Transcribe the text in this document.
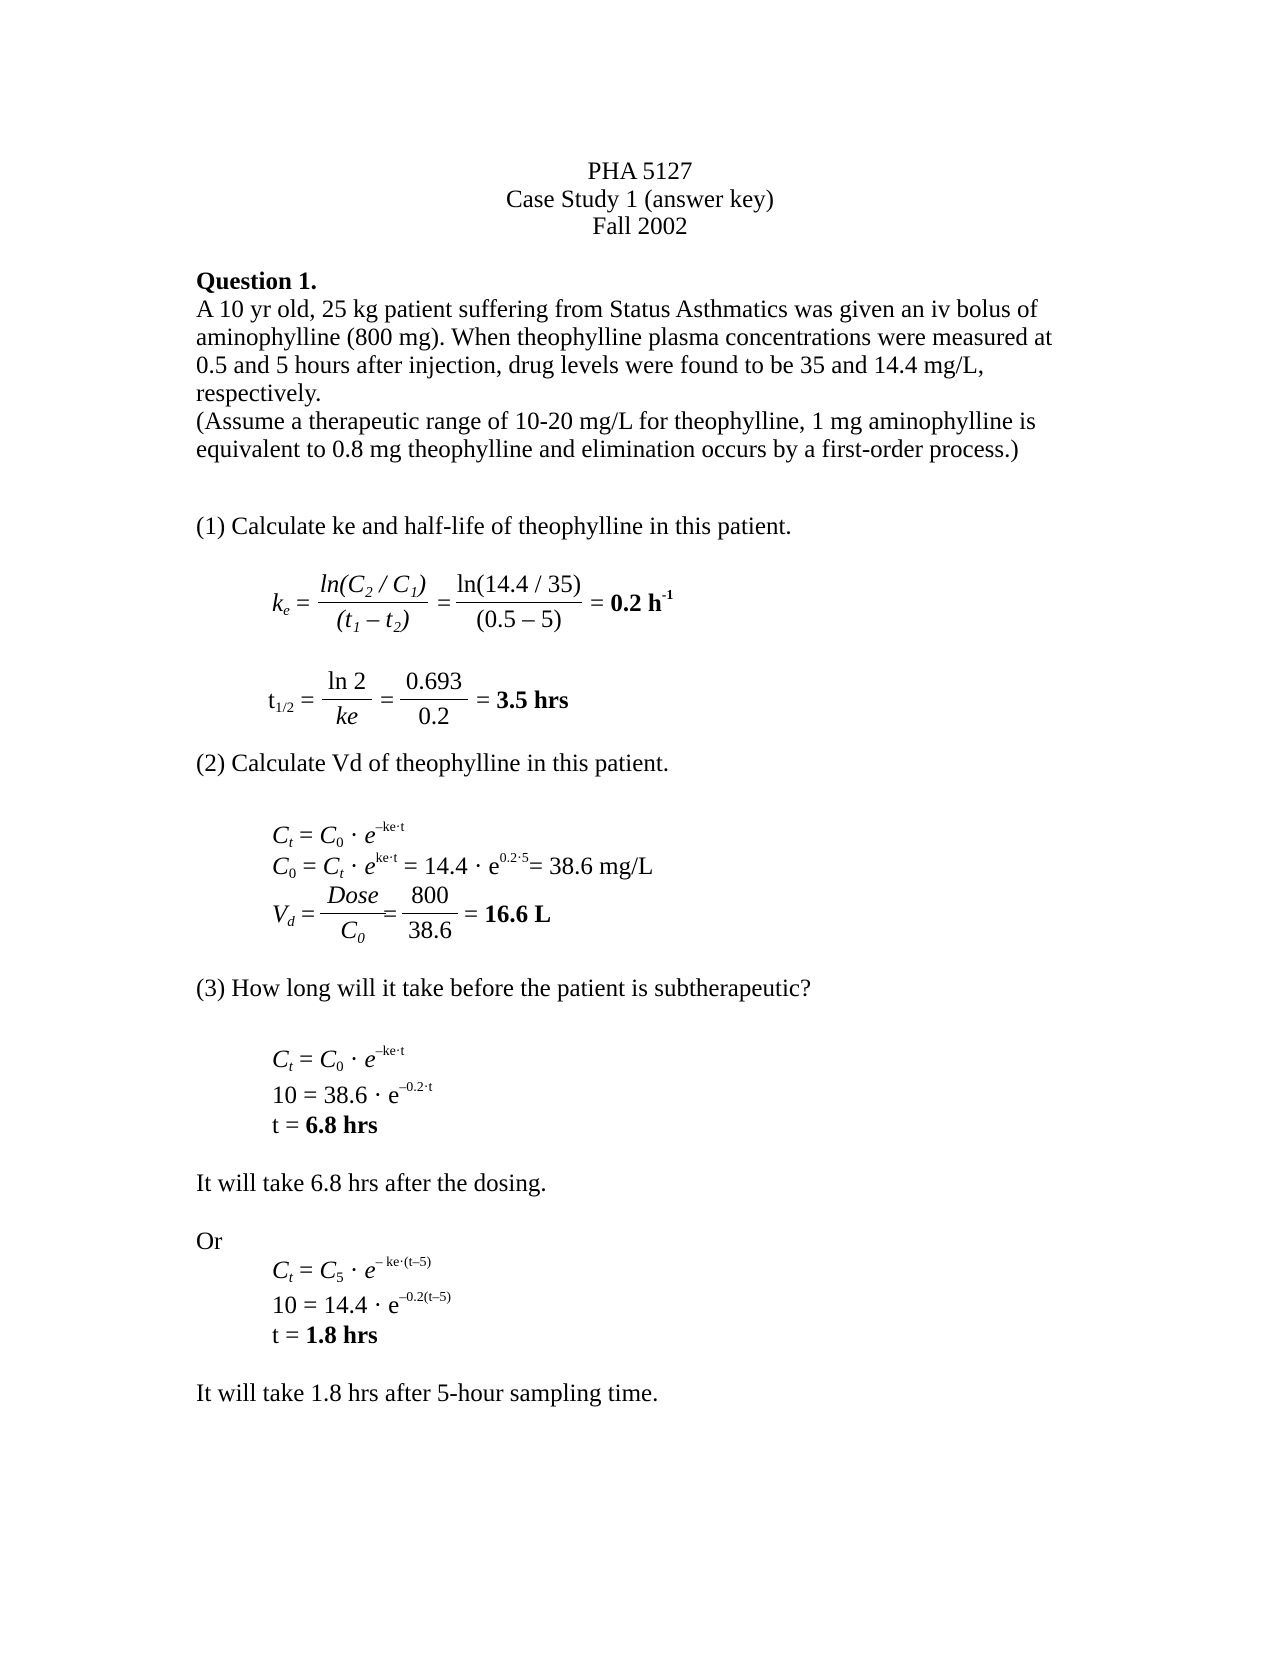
PHA 5127
Case Study 1 (answer key)
Fall 2002
Question 1.
A 10 yr old, 25 kg patient suffering from Status Asthmatics was given an iv bolus of
aminophylline (800 mg). When theophylline plasma concentrations were measured at
0.5 and 5 hours after injection, drug levels were found to be 35 and 14.4 mg/L,
respectively.
(Assume a therapeutic range of 10-20 mg/L for theophylline, 1 mg aminophylline is
equivalent to 0.8 mg theophylline and elimination occurs by a first-order process.)
(1) Calculate ke and half-life of theophylline in this patient.
ke =
ln(C₂ / C₁)
(t₁ – t₂)
=
ln(14.4 / 35)
(0.5 – 5)
= 0.2 $h^{-1}$
$t_{1/2}$ =
ln 2
ke
=
0.693
0.2
= 3.5 hrs
(2) Calculate Vd of theophylline in this patient.
$Ct = C_0 \cdot e^{-ke\cdot t}$
$C_0 = Ct \cdot e^{ke\cdot t} = 14.4 \cdot e^{0.2\cdot 5}= 38.6$ mg/L
Vd =
Dose
C₀
=
800
38.6
= 16.6 L
(3) How long will it take before the patient is subtherapeutic?
$Ct = C_0 \cdot e^{-ke\cdot t}$
$10 = 38.6 \cdot e^{-0.2\cdot t}$
t = 6.8 hrs
It will take 6.8 hrs after the dosing.
Or
$Ct = C_5 \cdot e^{- ke\cdot(t-5)}$
$10 = 14.4 \cdot e^{-0.2(t-5)}$
t = 1.8 hrs
It will take 1.8 hrs after 5-hour sampling time.
